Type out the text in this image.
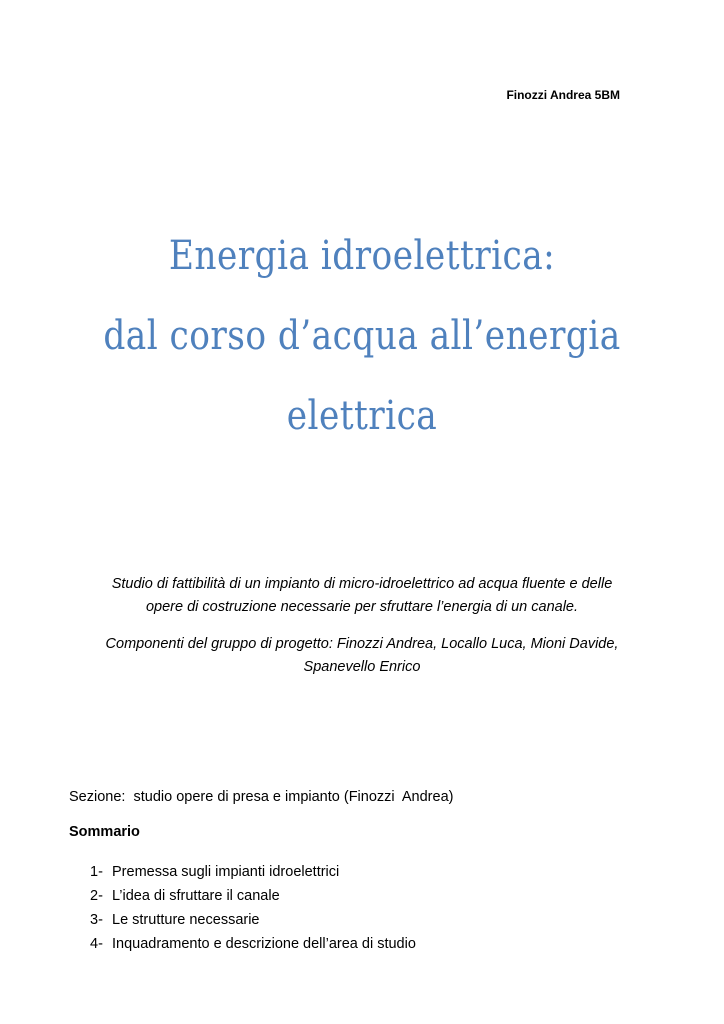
Finozzi Andrea 5BM
Energia idroelettrica:
dal corso d’acqua all’energia
elettrica
Studio di fattibilità di un impianto di micro-idroelettrico ad acqua fluente e delle
opere di costruzione necessarie per sfruttare l’energia di un canale.
Componenti del gruppo di progetto: Finozzi Andrea, Locallo Luca, Mioni Davide,
Spanevello Enrico
Sezione:  studio opere di presa e impianto (Finozzi  Andrea)
Sommario
1- Premessa sugli impianti idroelettrici
2- L’idea di sfruttare il canale
3- Le strutture necessarie
4- Inquadramento e descrizione dell’area di studio
